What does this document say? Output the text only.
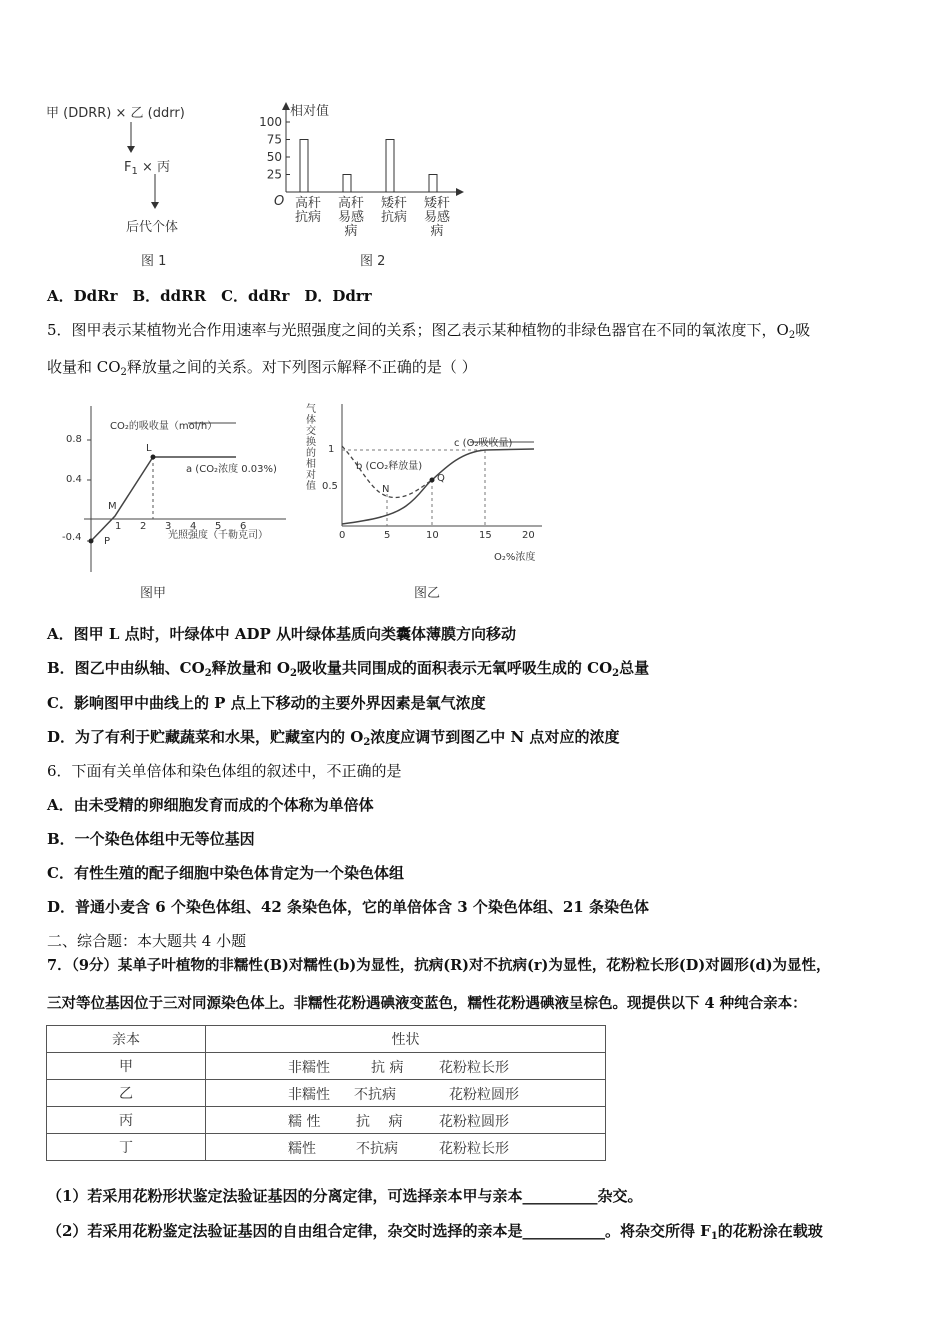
甲 (DDRR) × 乙 (ddrr)
$F_1$ × 丙
后代个体
图 1
100
75
50
25
高秆
抗病
高秆
易感
病
矮秆
抗病
矮秆
易感
病
相对值
O
图 2
A．DdRr　B．ddRR　C．ddRr　D．Ddrr
5．图甲表示某植物光合作用速率与光照强度之间的关系；图乙表示某种植物的非绿色器官在不同的氧浓度下，$O_2$吸
收量和 $CO_2$释放量之间的关系。对下列图示解释不正确的是（ ）
0.8
0.4
-0.4
CO₂的吸收量（mol/h）
a (CO₂浓度 0.03%)
L
M
P
1 2 3 4 5 6
光照强度（千勒克司）
图甲
气体交换的相对值
1
0.5
b (CO₂释放量)
c (O₂吸收量)
N
Q
0	5	10	15	20
O₂%浓度
图乙
A．图甲 L 点时，叶绿体中 ADP 从叶绿体基质向类囊体薄膜方向移动
B．图乙中由纵轴、$CO_2$释放量和 $O_2$吸收量共同围成的面积表示无氧呼吸生成的 $CO_2$总量
C．影响图甲中曲线上的 P 点上下移动的主要外界因素是氧气浓度
D．为了有利于贮藏蔬菜和水果，贮藏室内的 $O_2$浓度应调节到图乙中 N 点对应的浓度
6．下面有关单倍体和染色体组的叙述中，不正确的是
A．由未受精的卵细胞发育而成的个体称为单倍体
B．一个染色体组中无等位基因
C．有性生殖的配子细胞中染色体肯定为一个染色体组
D．普通小麦含 6 个染色体组、42 条染色体，它的单倍体含 3 个染色体组、21 条染色体
二、综合题：本大题共 4 小题
7．（9分）某单子叶植物的非糯性(B)对糯性(b)为显性，抗病(R)对不抗病(r)为显性，花粉粒长形(D)对圆形(d)为显性，
三对等位基因位于三对同源染色体上。非糯性花粉遇碘液变蓝色，糯性花粉遇碘液呈棕色。现提供以下 4 种纯合亲本：
亲本	性状
甲	非糯性 抗 病 花粉粒长形

乙	非糯性 不抗病 花粉粒圆形

丙	糯 性 抗　 病 花粉粒圆形

丁	糯性 不抗病 花粉粒长形
（1）若采用花粉形状鉴定法验证基因的分离定律，可选择亲本甲与亲本__________杂交。
（2）若采用花粉鉴定法验证基因的自由组合定律，杂交时选择的亲本是___________。将杂交所得 $F_1$的花粉涂在载玻
